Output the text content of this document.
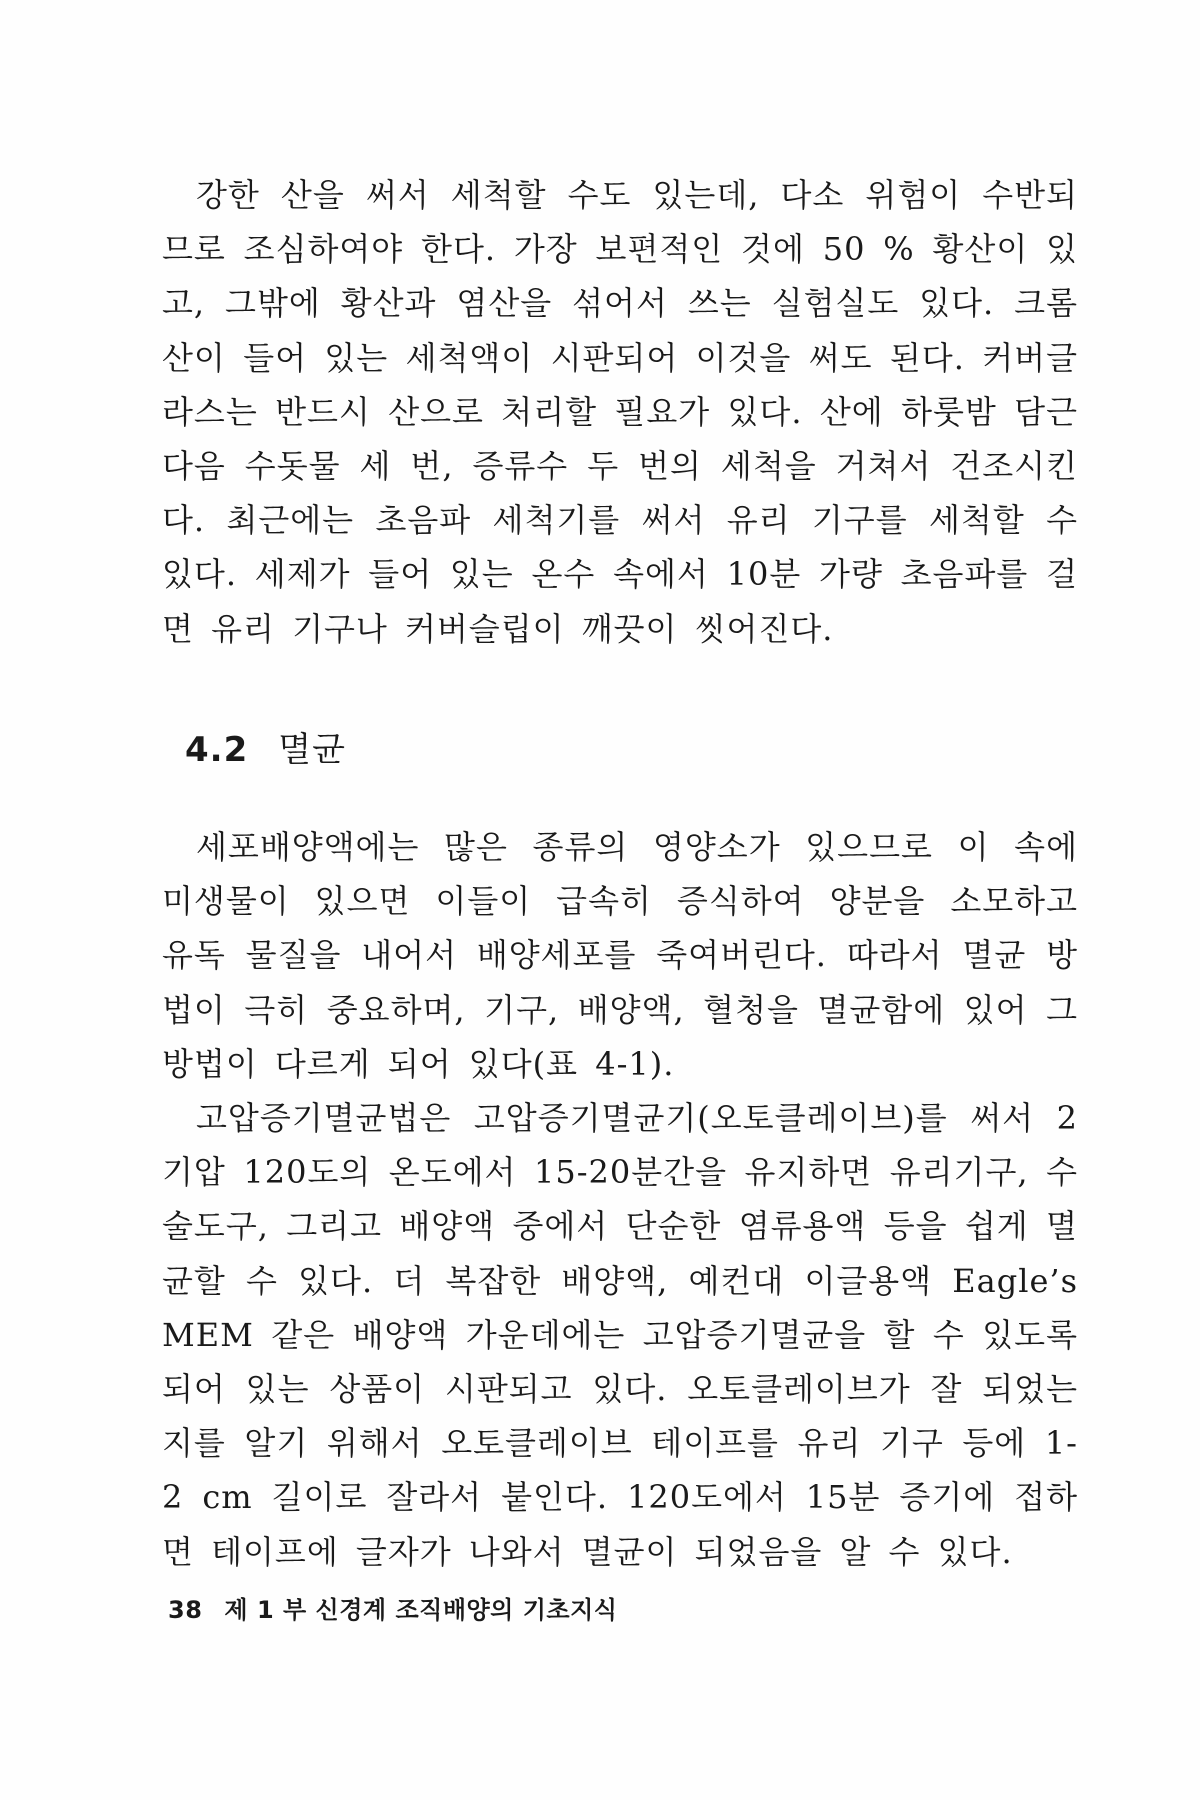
강한 산을 써서 세척할 수도 있는데, 다소 위험이 수반되므로 조심하여야 한다. 가장 보편적인 것에 50 % 황산이 있고, 그밖에 황산과 염산을 섞어서 쓰는 실험실도 있다. 크롬산이 들어 있는 세척액이 시판되어 이것을 써도 된다. 커버글라스는 반드시 산으로 처리할 필요가 있다. 산에 하룻밤 담근 다음 수돗물 세 번, 증류수 두 번의 세척을 거쳐서 건조시킨다. 최근에는 초음파 세척기를 써서 유리 기구를 세척할 수 있다. 세제가 들어 있는 온수 속에서 10분 가량 초음파를 걸면 유리 기구나 커버슬립이 깨끗이 씻어진다.

4.2 멸균

세포배양액에는 많은 종류의 영양소가 있으므로 이 속에 미생물이 있으면 이들이 급속히 증식하여 양분을 소모하고 유독 물질을 내어서 배양세포를 죽여버린다. 따라서 멸균 방법이 극히 중요하며, 기구, 배양액, 혈청을 멸균함에 있어 그 방법이 다르게 되어 있다(표 4-1).

고압증기멸균법은 고압증기멸균기(오토클레이브)를 써서 2기압 120도의 온도에서 15-20분간을 유지하면 유리기구, 수술도구, 그리고 배양액 중에서 단순한 염류용액 등을 쉽게 멸균할 수 있다. 더 복잡한 배양액, 예컨대 이글용액 Eagle’s MEM 같은 배양액 가운데에는 고압증기멸균을 할 수 있도록 되어 있는 상품이 시판되고 있다. 오토클레이브가 잘 되었는지를 알기 위해서 오토클레이브 테이프를 유리 기구 등에 1-2 cm 길이로 잘라서 붙인다. 120도에서 15분 증기에 접하면 테이프에 글자가 나와서 멸균이 되었음을 알 수 있다.

38 제 1 부 신경계 조직배양의 기초지식
